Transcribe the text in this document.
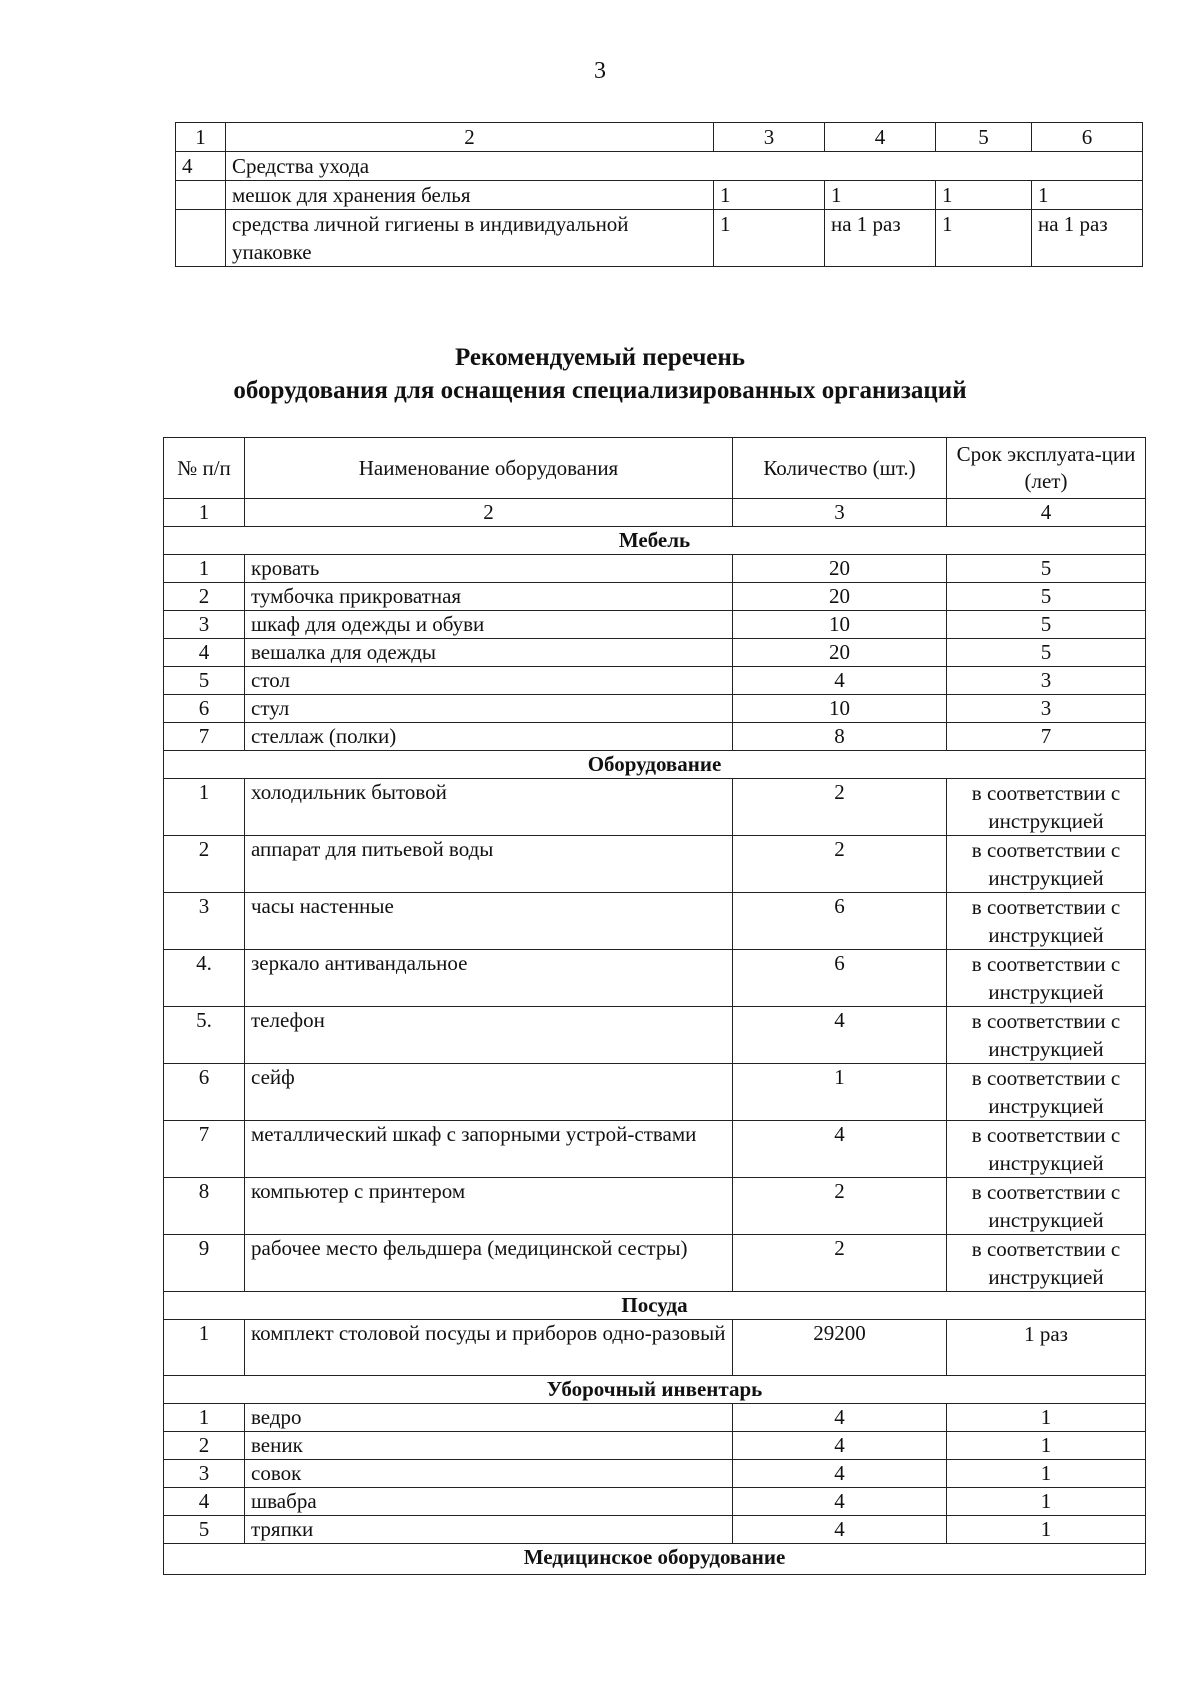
3
1	2	3	4	5	6
4	Средства ухода				
	мешок для хранения белья	1	1	1	1
	средства личной гигиены в индивидуальной упаковке	1	на 1 раз	1	на 1 раз
Рекомендуемый перечень
оборудования для оснащения специализированных организаций
№ п/п	Наименование оборудования	Количество (шт.)	Срок эксплуата-ции (лет)
1	2	3	4
Мебель			
1	кровать	20	5
2	тумбочка прикроватная	20	5
3	шкаф для одежды и обуви	10	5
4	вешалка для одежды	20	5
5	стол	4	3
6	стул	10	3
7	стеллаж (полки)	8	7
Оборудование			
1	холодильник бытовой	2	в соответствии с инструкцией
2	аппарат для питьевой воды	2	в соответствии с инструкцией
3	часы настенные	6	в соответствии с инструкцией
4.	зеркало антивандальное	6	в соответствии с инструкцией
5.	телефон	4	в соответствии с инструкцией
6	сейф	1	в соответствии с инструкцией
7	металлический шкаф с запорными устрой-ствами	4	в соответствии с инструкцией
8	компьютер с принтером	2	в соответствии с инструкцией
9	рабочее место фельдшера (медицинской сестры)	2	в соответствии с инструкцией
Посуда			
1	комплект столовой посуды и приборов одно-разовый	29200	1 раз
Уборочный инвентарь			
1	ведро	4	1
2	веник	4	1
3	совок	4	1
4	швабра	4	1
5	тряпки	4	1
Медицинское оборудование			
